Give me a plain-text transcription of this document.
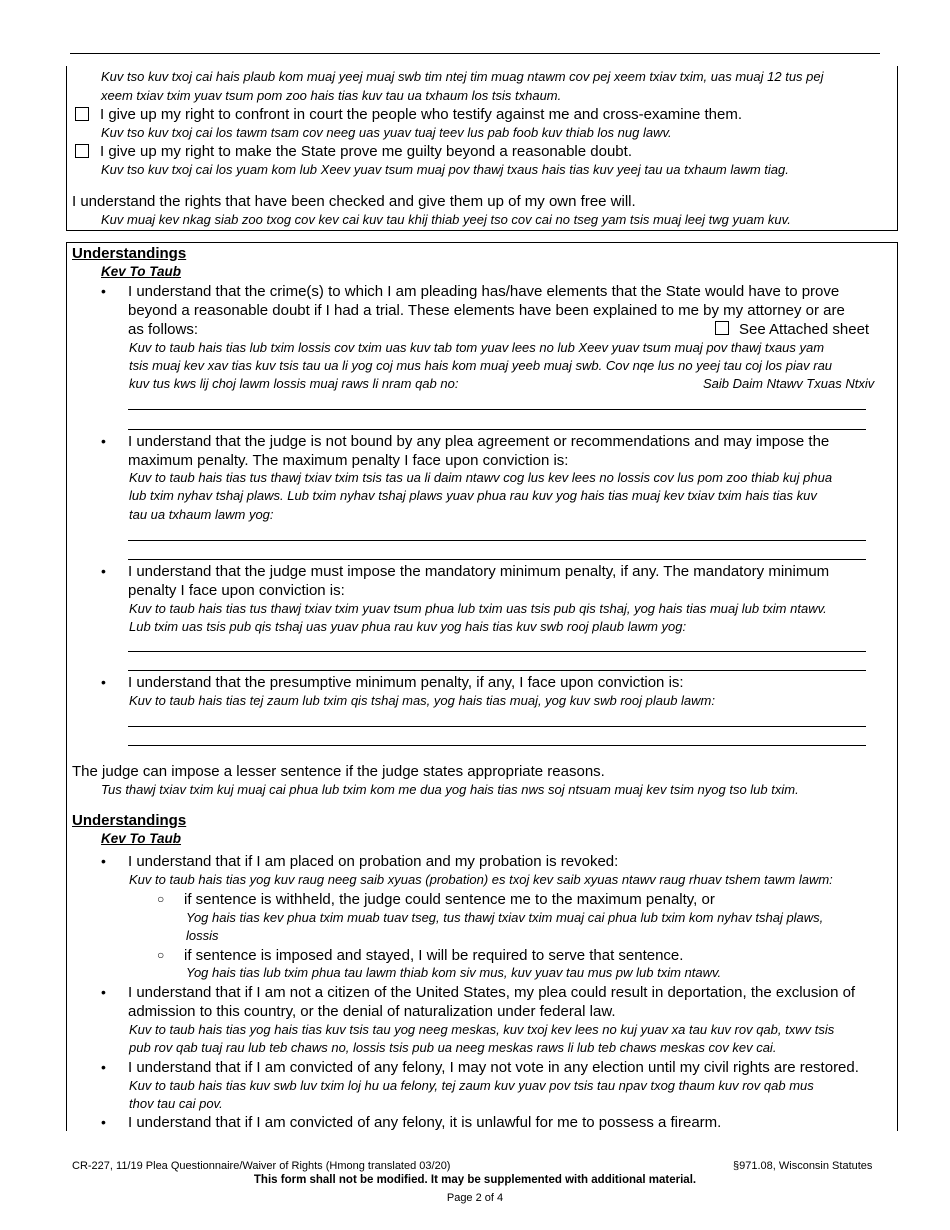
Kuv tso kuv txoj cai hais plaub kom muaj yeej muaj swb tim ntej tim muag ntawm cov pej xeem txiav txim, uas muaj 12 tus pej
xeem txiav txim yuav tsum pom zoo hais tias kuv tau ua txhaum los tsis txhaum.
I give up my right to confront in court the people who testify against me and cross-examine them.
Kuv tso kuv txoj cai los tawm tsam cov neeg uas yuav tuaj teev lus pab foob kuv thiab los nug lawv.
I give up my right to make the State prove me guilty beyond a reasonable doubt.
Kuv tso kuv txoj cai los yuam kom lub Xeev yuav tsum muaj pov thawj txaus hais tias kuv yeej tau ua txhaum lawm tiag.
I understand the rights that have been checked and give them up of my own free will.
Kuv muaj kev nkag siab zoo txog cov kev cai kuv tau khij thiab yeej tso cov cai no tseg yam tsis muaj leej twg yuam kuv.
Understandings
Kev To Taub
• I understand that the crime(s) to which I am pleading has/have elements that the State would have to prove
beyond a reasonable doubt if I had a trial. These elements have been explained to me by my attorney or are
as follows:	See Attached sheet
Kuv to taub hais tias lub txim lossis cov txim uas kuv tab tom yuav lees no lub Xeev yuav tsum muaj pov thawj txaus yam
tsis muaj kev xav tias kuv tsis tau ua li yog coj mus hais kom muaj yeeb muaj swb. Cov nqe lus no yeej tau coj los piav rau
kuv tus kws lij choj lawm lossis muaj raws li nram qab no:	Saib Daim Ntawv Txuas Ntxiv
• I understand that the judge is not bound by any plea agreement or recommendations and may impose the
maximum penalty. The maximum penalty I face upon conviction is:
Kuv to taub hais tias tus thawj txiav txim tsis tas ua li daim ntawv cog lus kev lees no lossis cov lus pom zoo thiab kuj phua
lub txim nyhav tshaj plaws. Lub txim nyhav tshaj plaws yuav phua rau kuv yog hais tias muaj kev txiav txim hais tias kuv
tau ua txhaum lawm yog:
• I understand that the judge must impose the mandatory minimum penalty, if any. The mandatory minimum
penalty I face upon conviction is:
Kuv to taub hais tias tus thawj txiav txim yuav tsum phua lub txim uas tsis pub qis tshaj, yog hais tias muaj lub txim ntawv.
Lub txim uas tsis pub qis tshaj uas yuav phua rau kuv yog hais tias kuv swb rooj plaub lawm yog:
• I understand that the presumptive minimum penalty, if any, I face upon conviction is:
Kuv to taub hais tias tej zaum lub txim qis tshaj mas, yog hais tias muaj, yog kuv swb rooj plaub lawm:
The judge can impose a lesser sentence if the judge states appropriate reasons.
Tus thawj txiav txim kuj muaj cai phua lub txim kom me dua yog hais tias nws soj ntsuam muaj kev tsim nyog tso lub txim.
Understandings
Kev To Taub
• I understand that if I am placed on probation and my probation is revoked:
Kuv to taub hais tias yog kuv raug neeg saib xyuas (probation) es txoj kev saib xyuas ntawv raug rhuav tshem tawm lawm:
○ if sentence is withheld, the judge could sentence me to the maximum penalty, or
Yog hais tias kev phua txim muab tuav tseg, tus thawj txiav txim muaj cai phua lub txim kom nyhav tshaj plaws,
lossis
○ if sentence is imposed and stayed, I will be required to serve that sentence.
Yog hais tias lub txim phua tau lawm thiab kom siv mus, kuv yuav tau mus pw lub txim ntawv.
• I understand that if I am not a citizen of the United States, my plea could result in deportation, the exclusion of
admission to this country, or the denial of naturalization under federal law.
Kuv to taub hais tias yog hais tias kuv tsis tau yog neeg meskas, kuv txoj kev lees no kuj yuav xa tau kuv rov qab, txwv tsis
pub rov qab tuaj rau lub teb chaws no, lossis tsis pub ua neeg meskas raws li lub teb chaws meskas cov kev cai.
• I understand that if I am convicted of any felony, I may not vote in any election until my civil rights are restored.
Kuv to taub hais tias kuv swb luv txim loj hu ua felony, tej zaum kuv yuav pov tsis tau npav txog thaum kuv rov qab mus
thov tau cai pov.
• I understand that if I am convicted of any felony, it is unlawful for me to possess a firearm.
CR-227, 11/19 Plea Questionnaire/Waiver of Rights (Hmong translated 03/20)	§971.08, Wisconsin Statutes
This form shall not be modified. It may be supplemented with additional material.
Page 2 of 4
